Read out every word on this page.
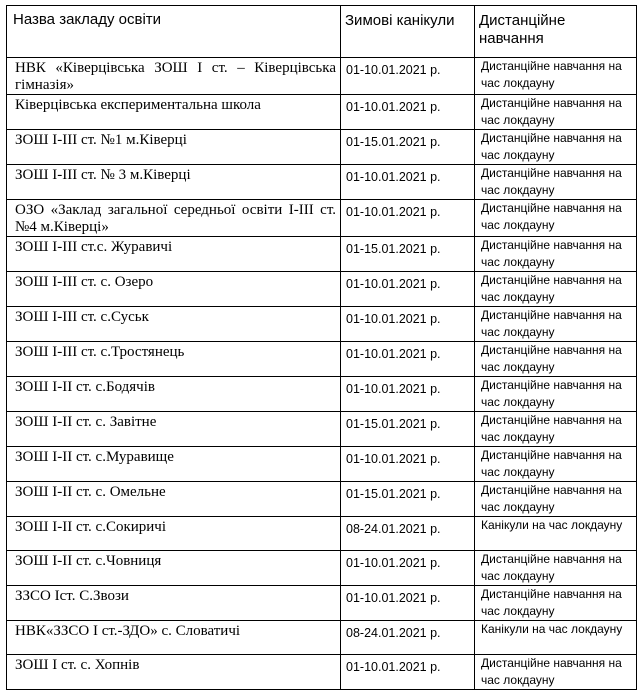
Назва закладу освіти	Зимові канікули	Дистанційне навчання
НВК «Ківерцівська ЗОШ І ст. – Ківерцівська гімназія»	01-10.01.2021 р.	Дистанційне навчання на час локдауну
Ківерцівська експериментальна школа	01-10.01.2021 р.	Дистанційне навчання на час локдауну
ЗОШ І-ІІІ ст. №1 м.Ківерці	01-15.01.2021 р.	Дистанційне навчання на час локдауну
ЗОШ І-ІІІ ст. № 3 м.Ківерці	01-10.01.2021 р.	Дистанційне навчання на час локдауну
ОЗО «Заклад загальної середньої освіти І-ІІІ ст. №4 м.Ківерці»	01-10.01.2021 р.	Дистанційне навчання на час локдауну
ЗОШ І-ІІІ ст.с. Журавичі	01-15.01.2021 р.	Дистанційне навчання на час локдауну
ЗОШ І-ІІІ ст. с. Озеро	01-10.01.2021 р.	Дистанційне навчання на час локдауну
ЗОШ І-ІІІ ст. с.Суськ	01-10.01.2021 р.	Дистанційне навчання на час локдауну
ЗОШ І-ІІІ ст. с.Тростянець	01-10.01.2021 р.	Дистанційне навчання на час локдауну
ЗОШ І-ІІ ст. с.Бодячів	01-10.01.2021 р.	Дистанційне навчання на час локдауну
ЗОШ І-ІІ ст. с. Завітне	01-15.01.2021 р.	Дистанційне навчання на час локдауну
ЗОШ І-ІІ ст. с.Муравище	01-10.01.2021 р.	Дистанційне навчання на час локдауну
ЗОШ І-ІІ ст. с. Омельне	01-15.01.2021 р.	Дистанційне навчання на час локдауну
ЗОШ І-ІІ ст. с.Сокиричі	08-24.01.2021 р.	Канікули на час локдауну
ЗОШ І-ІІ ст. с.Човниця	01-10.01.2021 р.	Дистанційне навчання на час локдауну
ЗЗСО Іст. С.Звози	01-10.01.2021 р.	Дистанційне навчання на час локдауну
НВК«ЗЗСО І ст.-ЗДО» с. Словатичі	08-24.01.2021 р.	Канікули на час локдауну
ЗОШ І ст. с. Хопнів	01-10.01.2021 р.	Дистанційне навчання на час локдауну
